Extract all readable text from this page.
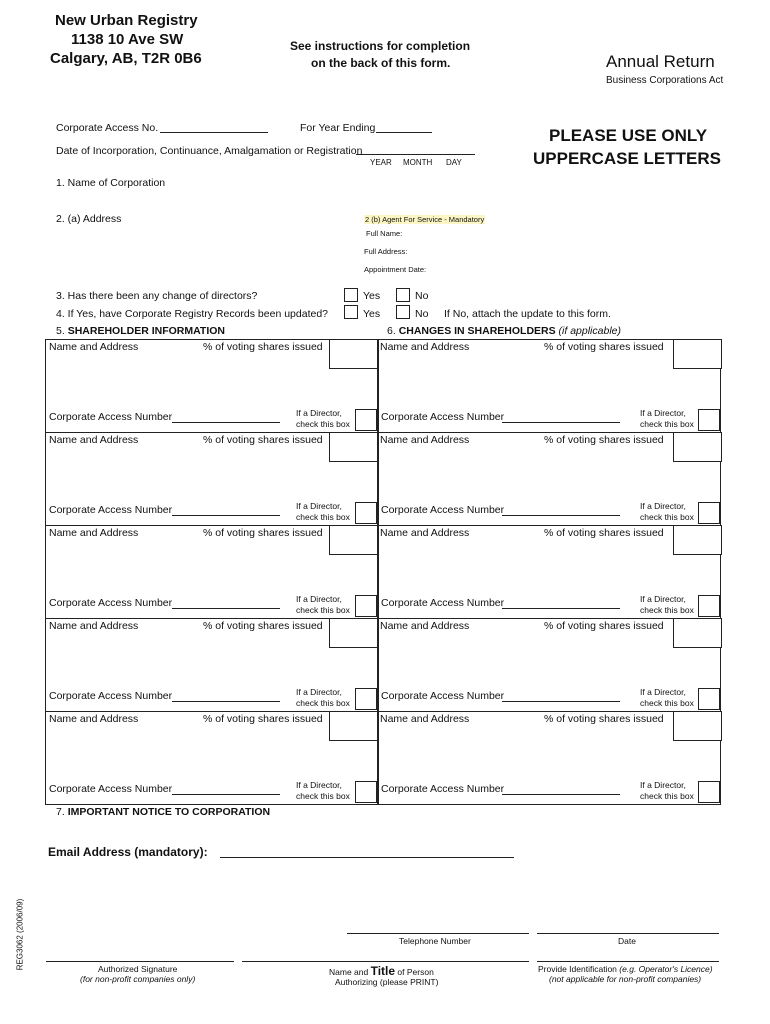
New Urban Registry
1138 10 Ave SW
Calgary, AB, T2R 0B6
See instructions for completion
on the back of this form.	Annual Return
Business Corporations Act
PLEASE USE ONLY
UPPERCASE LETTERS
Corporate Access No.	For Year Ending
Date of Incorporation, Continuance, Amalgamation or Registration
YEAR MONTH DAY
1. Name of Corporation
2. (a) Address	2 (b) Agent For Service - Mandatory
Full Name:
Full Address:
Appointment Date:
3. Has there been any change of directors?	Yes	No
4. If Yes, have Corporate Registry Records been updated?	Yes	No If No, attach the update to this form.
5. SHAREHOLDER INFORMATION	6. CHANGES IN SHAREHOLDERS (if applicable)
Name and Address	% of voting shares issued
Corporate Access Number	If a Director,
check this box
Name and Address	% of voting shares issued
Corporate Access Number	If a Director,
check this box
Name and Address	% of voting shares issued
Corporate Access Number	If a Director,
check this box
Name and Address	% of voting shares issued
Corporate Access Number	If a Director,
check this box
Name and Address	% of voting shares issued
Corporate Access Number	If a Director,
check this box
Name and Address	% of voting shares issued
Corporate Access Number	If a Director,
check this box
Name and Address	% of voting shares issued
Corporate Access Number	If a Director,
check this box
Name and Address	% of voting shares issued
Corporate Access Number	If a Director,
check this box
Name and Address	% of voting shares issued
Corporate Access Number	If a Director,
check this box
Name and Address	% of voting shares issued
Corporate Access Number	If a Director,
check this box
7. IMPORTANT NOTICE TO CORPORATION
Email Address (mandatory):
REG3062 (2006/09)	Telephone Number	Date
Authorized Signature
(for non-profit companies only)
Name and Title of Person
Authorizing (please PRINT)
Provide Identification (e.g. Operator's Licence)
(not applicable for non-profit companies)
